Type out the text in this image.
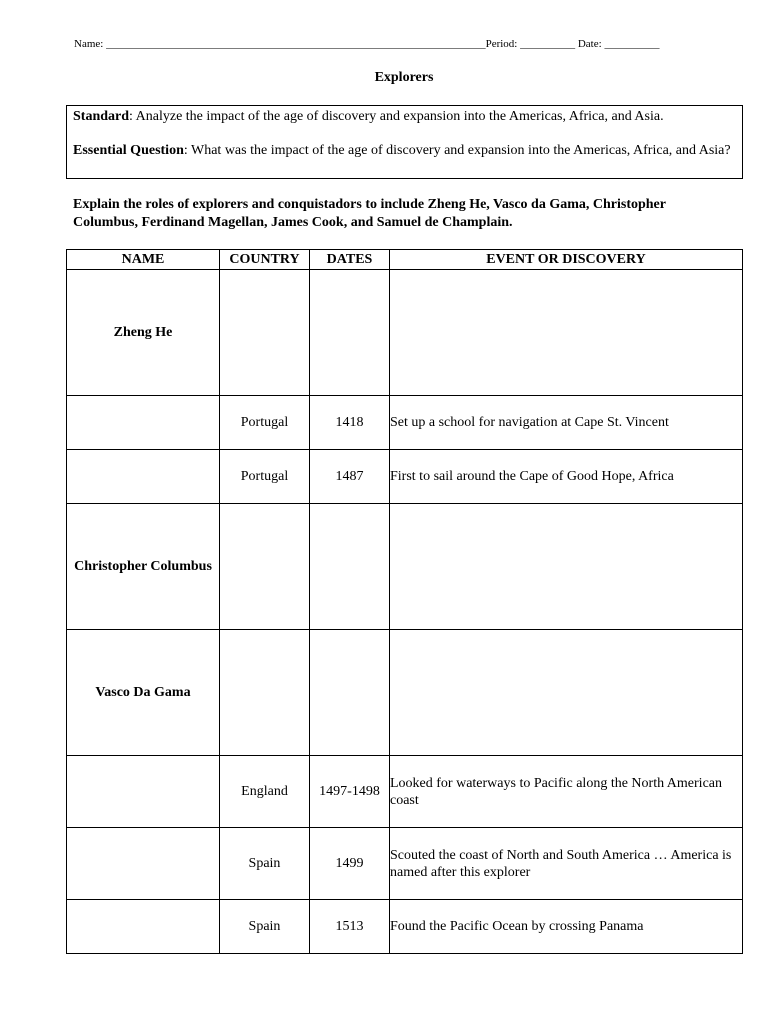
Name: _____________________________________________________________________Period: __________ Date: __________
Explorers

Standard: Analyze the impact of the age of discovery and expansion into the Americas, Africa, and Asia.

Essential Question: What was the impact of the age of discovery and expansion into the Americas, Africa, and Asia?

Explain the roles of explorers and conquistadors to include Zheng He, Vasco da Gama, Christopher Columbus, Ferdinand Magellan, James Cook, and Samuel de Champlain.
NAME	COUNTRY	DATES	EVENT OR DISCOVERY
Zheng He			
	Portugal	1418	Set up a school for navigation at Cape St. Vincent
	Portugal	1487	First to sail around the Cape of Good Hope, Africa
Christopher Columbus			
Vasco Da Gama			
	England	1497-1498	Looked for waterways to Pacific along the North American coast
	Spain	1499	Scouted the coast of North and South America … America is named after this explorer
	Spain	1513	Found the Pacific Ocean by crossing Panama
